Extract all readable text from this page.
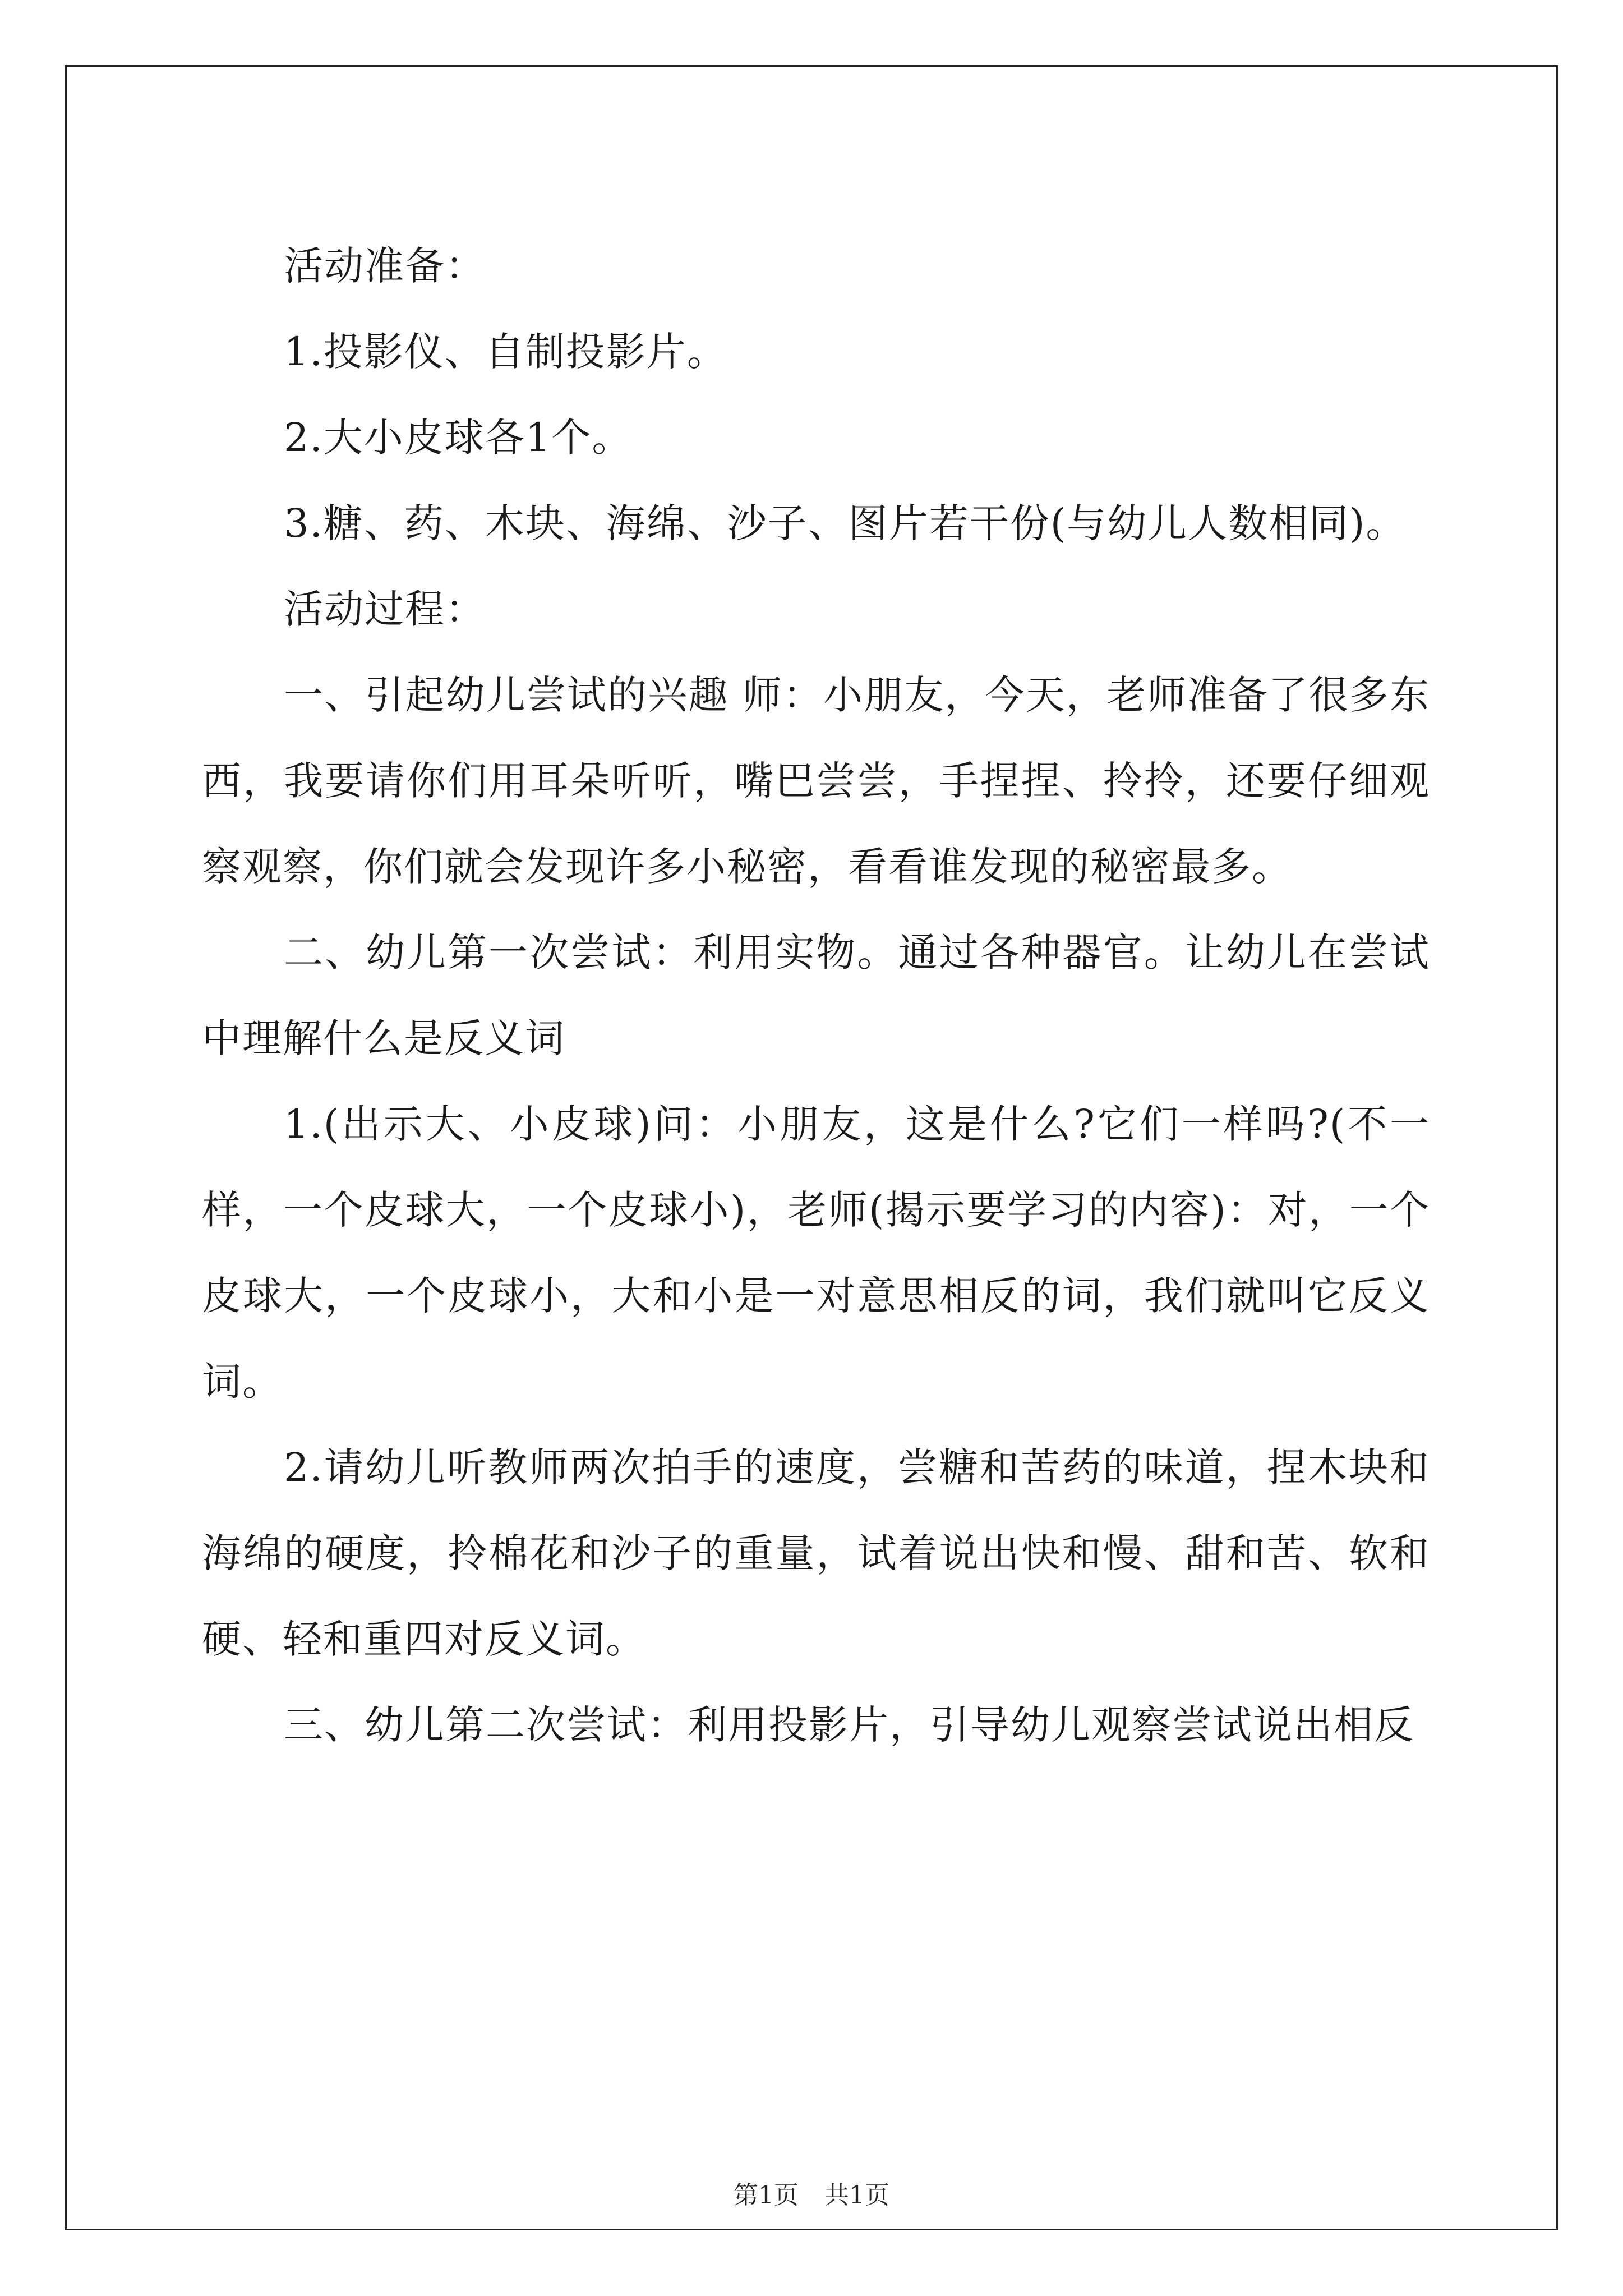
活动准备：

1.投影仪、自制投影片。

2.大小皮球各1个。

3.糖、药、木块、海绵、沙子、图片若干份(与幼儿人数相同)。

活动过程：

一、引起幼儿尝试的兴趣 师：小朋友，今天，老师准备了很多东西，我要请你们用耳朵听听，嘴巴尝尝，手捏捏、拎拎，还要仔细观察观察，你们就会发现许多小秘密，看看谁发现的秘密最多。

二、幼儿第一次尝试：利用实物。通过各种器官。让幼儿在尝试中理解什么是反义词

1.(出示大、小皮球)问：小朋友，这是什么?它们一样吗?(不一样，一个皮球大，一个皮球小)，老师(揭示要学习的内容)：对，一个皮球大，一个皮球小，大和小是一对意思相反的词，我们就叫它反义词。

2.请幼儿听教师两次拍手的速度，尝糖和苦药的味道，捏木块和海绵的硬度，拎棉花和沙子的重量，试着说出快和慢、甜和苦、软和硬、轻和重四对反义词。

三、幼儿第二次尝试：利用投影片，引导幼儿观察尝试说出相反

第1页 共1页
